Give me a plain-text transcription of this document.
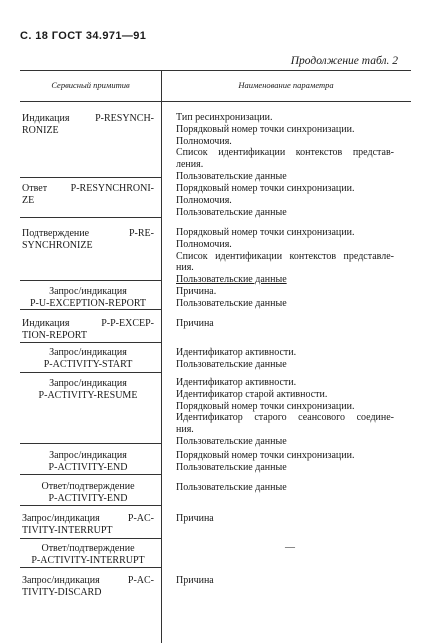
С. 18 ГОСТ 34.971—91
Продолжение табл. 2
Сервисный примитив	Наименование параметра
Индикация P-RESYNCH-
RONIZE
Тип ресинхронизации.
Порядковый номер точки синхронизации.
Полномочия.
Список идентификации контекстов представ-
ления.
Пользовательские данные
Ответ P-RESYNCHRONI-
ZE
Порядковый номер точки синхронизации.
Полномочия.
Пользовательские данные
Подтверждение P-RE-
SYNCHRONIZE
Порядковый номер точки синхронизации.
Полномочия.
Список идентификации контекстов представле-
ния.
Пользовательские данные
Запрос/индикация
P-U-EXCEPTION-REPORT
Причина.
Пользовательские данные
Индикация P-P-EXCEP-
TION-REPORT
Причина
Запрос/индикация
P-ACTIVITY-START
Идентификатор активности.
Пользовательские данные
Запрос/индикация
P-ACTIVITY-RESUME
Идентификатор активности.
Идентификатор старой активности.
Порядковый номер точки синхронизации.
Идентификатор старого сеансового соедине-
ния.
Пользовательские данные
Запрос/индикация
P-ACTIVITY-END
Порядковый номер точки синхронизации.
Пользовательские данные
Ответ/подтверждение
P-ACTIVITY-END
Пользовательские данные
Запрос/индикация P-AC-
TIVITY-INTERRUPT
Причина
Ответ/подтверждение
P-ACTIVITY-INTERRUPT
—
Запрос/индикация P-AC-
TIVITY-DISCARD
Причина
